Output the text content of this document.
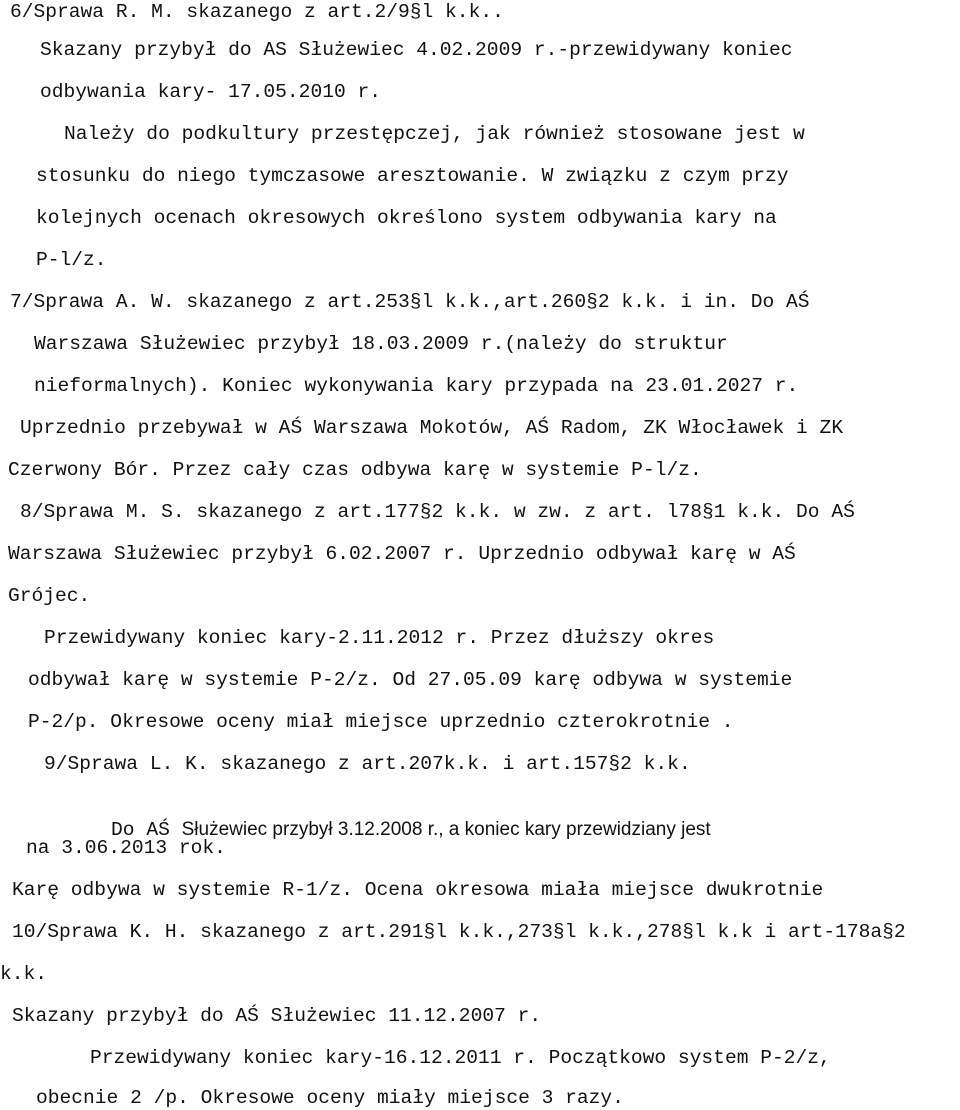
6/Sprawa R. M. skazanego z art.2/9§l k.k..
Skazany przybył do AS Służewiec 4.02.2009 r.-przewidywany koniec
odbywania kary- 17.05.2010 r.
Należy do podkultury przestępczej, jak również stosowane jest w
stosunku do niego tymczasowe aresztowanie. W związku z czym przy
kolejnych ocenach okresowych określono system odbywania kary na
P-l/z.
7/Sprawa A. W. skazanego z art.253§l k.k.,art.260§2 k.k. i in. Do AŚ
Warszawa Służewiec przybył 18.03.2009 r.(należy do struktur
nieformalnych). Koniec wykonywania kary przypada na 23.01.2027 r.
Uprzednio przebywał w AŚ Warszawa Mokotów, AŚ Radom, ZK Włocławek i ZK
Czerwony Bór. Przez cały czas odbywa karę w systemie P-l/z.
8/Sprawa M. S. skazanego z art.177§2 k.k. w zw. z art. l78§1 k.k. Do AŚ
Warszawa Służewiec przybył 6.02.2007 r. Uprzednio odbywał karę w AŚ
Grójec.
Przewidywany koniec kary-2.11.2012 r. Przez dłuższy okres
odbywał karę w systemie P-2/z. Od 27.05.09 karę odbywa w systemie
P-2/p. Okresowe oceny miał miejsce uprzednio czterokrotnie .
9/Sprawa L. K. skazanego z art.207k.k. i art.157§2 k.k.

Do AŚ Służewiec przybył 3.12.2008 r., a koniec kary przewidziany jest

na 3.06.2013 rok.
Karę odbywa w systemie R-1/z. Ocena okresowa miała miejsce dwukrotnie
10/Sprawa K. H. skazanego z art.291§l k.k.,273§l k.k.,278§l k.k i art-178a§2
k.k.
Skazany przybył do AŚ Służewiec 11.12.2007 r.
Przewidywany koniec kary-16.12.2011 r. Początkowo system P-2/z,
obecnie 2 /p. Okresowe oceny miały miejsce 3 razy.
